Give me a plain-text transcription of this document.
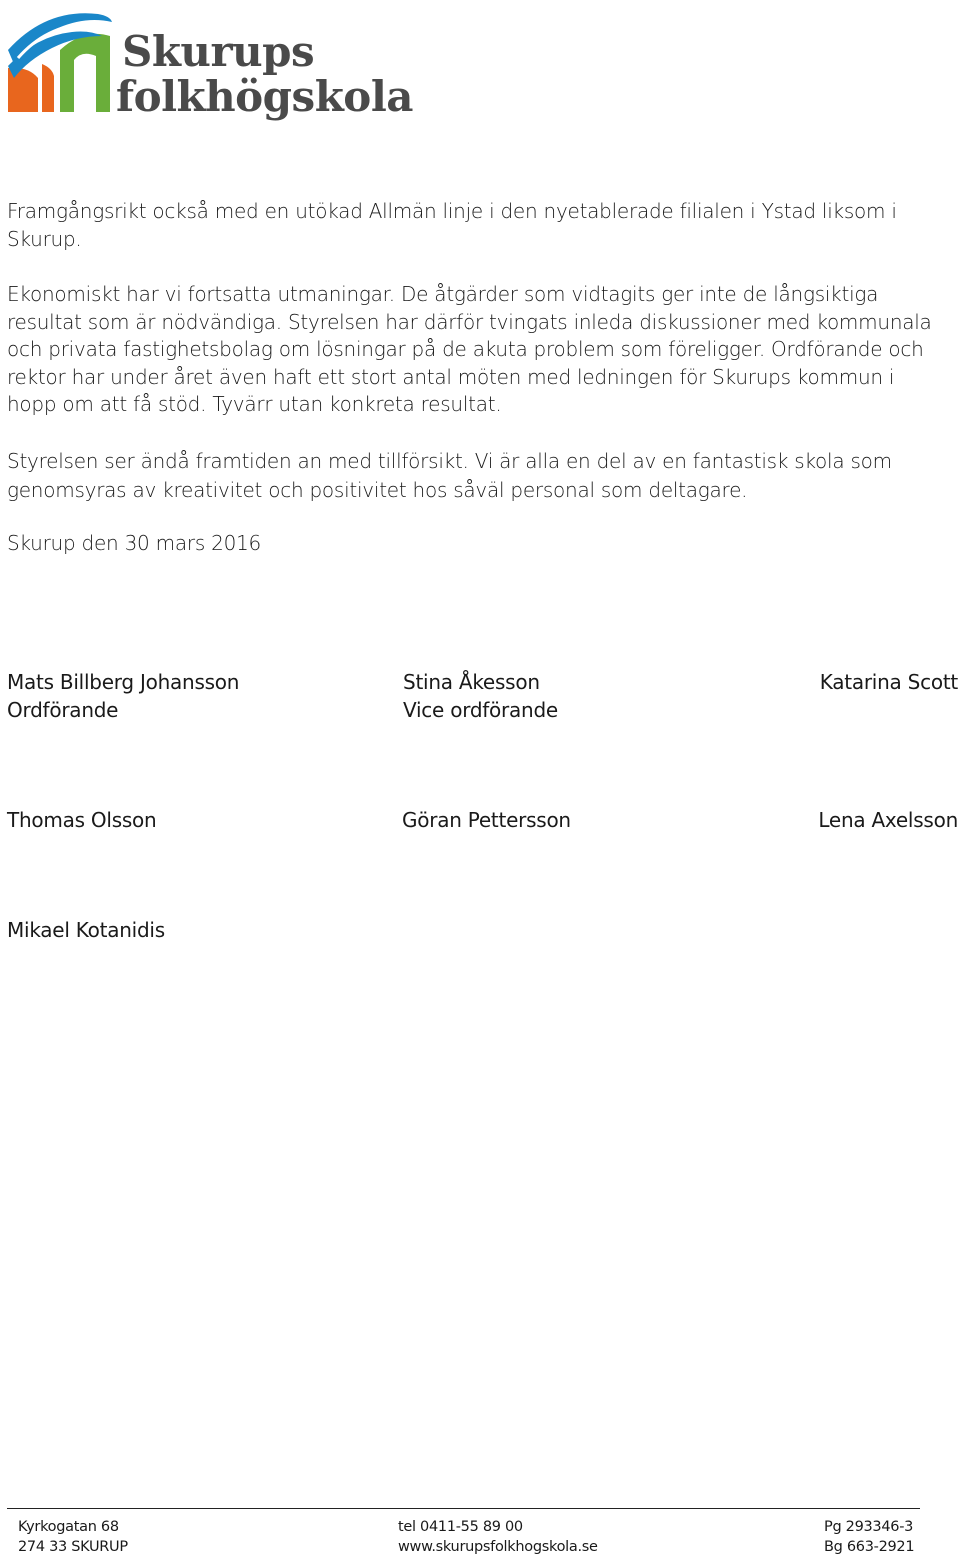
Skurups
folkhögskola

Framgångsrikt också med en utökad Allmän linje i den nyetablerade filialen i Ystad liksom i Skurup.

Ekonomiskt har vi fortsatta utmaningar. De åtgärder som vidtagits ger inte de långsiktiga resultat som är nödvändiga. Styrelsen har därför tvingats inleda diskussioner med kommunala och privata fastighetsbolag om lösningar på de akuta problem som föreligger. Ordförande och rektor har under året även haft ett stort antal möten med ledningen för Skurups kommun i hopp om att få stöd. Tyvärr utan konkreta resultat.

Styrelsen ser ändå framtiden an med tillförsikt. Vi är alla en del av en fantastisk skola som genomsyras av kreativitet och positivitet hos såväl personal som deltagare.

Skurup den 30 mars 2016

Mats Billberg Johansson
Ordförande
Stina Åkesson
Vice ordförande
Katarina Scott
Thomas Olsson	Göran Pettersson	Lena Axelsson
Mikael Kotanidis
Kyrkogatan 68
274 33 SKURUP
tel 0411-55 89 00
www.skurupsfolkhogskola.se
Pg 293346-3
Bg 663-2921
